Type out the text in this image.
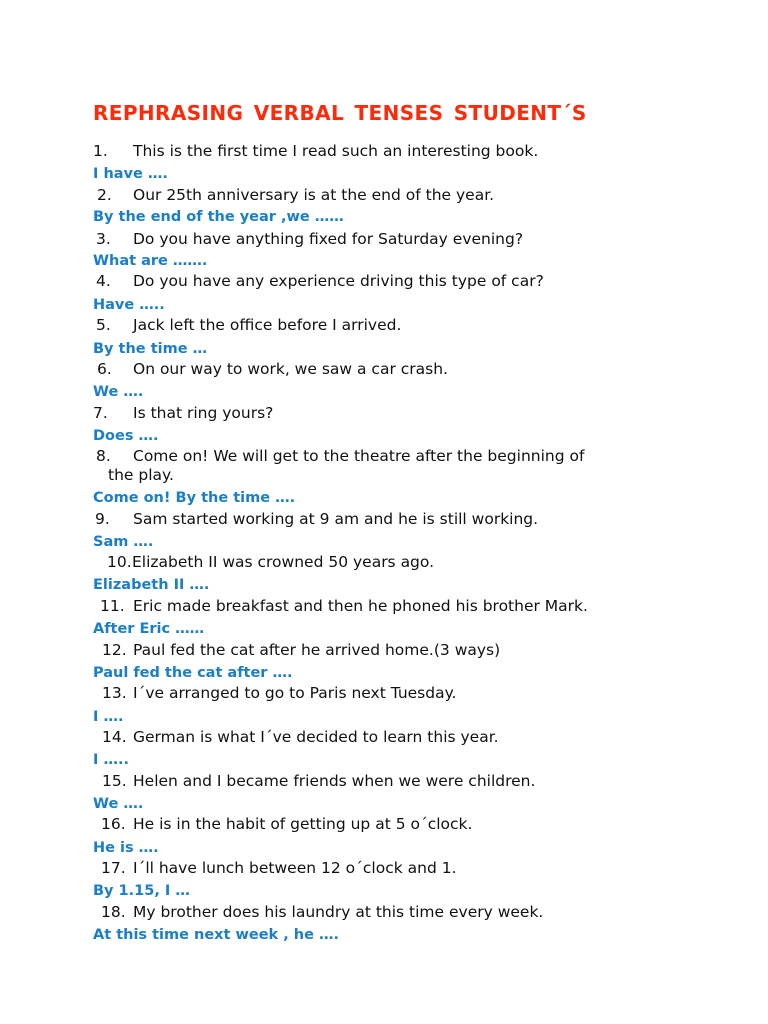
REPHRASING VERBAL TENSES STUDENT´S
1. This is the first time I read such an interesting book.
I have ….
2. Our 25th anniversary is at the end of the year.
By the end of the year ,we ……
3. Do you have anything fixed for Saturday evening?
What are …….
4. Do you have any experience driving this type of car?
Have …..
5. Jack left the office before I arrived.
By the time …
6. On our way to work, we saw a car crash.
We ….
7. Is that ring yours?
Does ….
8. Come on! We will get to the theatre after the beginning of
the play.
Come on! By the time ….
9. Sam started working at 9 am and he is still working.
Sam ….
10. Elizabeth II was crowned 50 years ago.
Elizabeth II ….
11. Eric made breakfast and then he phoned his brother Mark.
After Eric ……
12. Paul fed the cat after he arrived home.(3 ways)
Paul fed the cat after ….
13. I´ve arranged to go to Paris next Tuesday.
I ….
14. German is what I´ve decided to learn this year.
I …..
15. Helen and I became friends when we were children.
We ….
16. He is in the habit of getting up at 5 o´clock.
He is ….
17. I´ll have lunch between 12 o´clock and 1.
By 1.15, I …
18. My brother does his laundry at this time every week.
At this time next week , he ….
